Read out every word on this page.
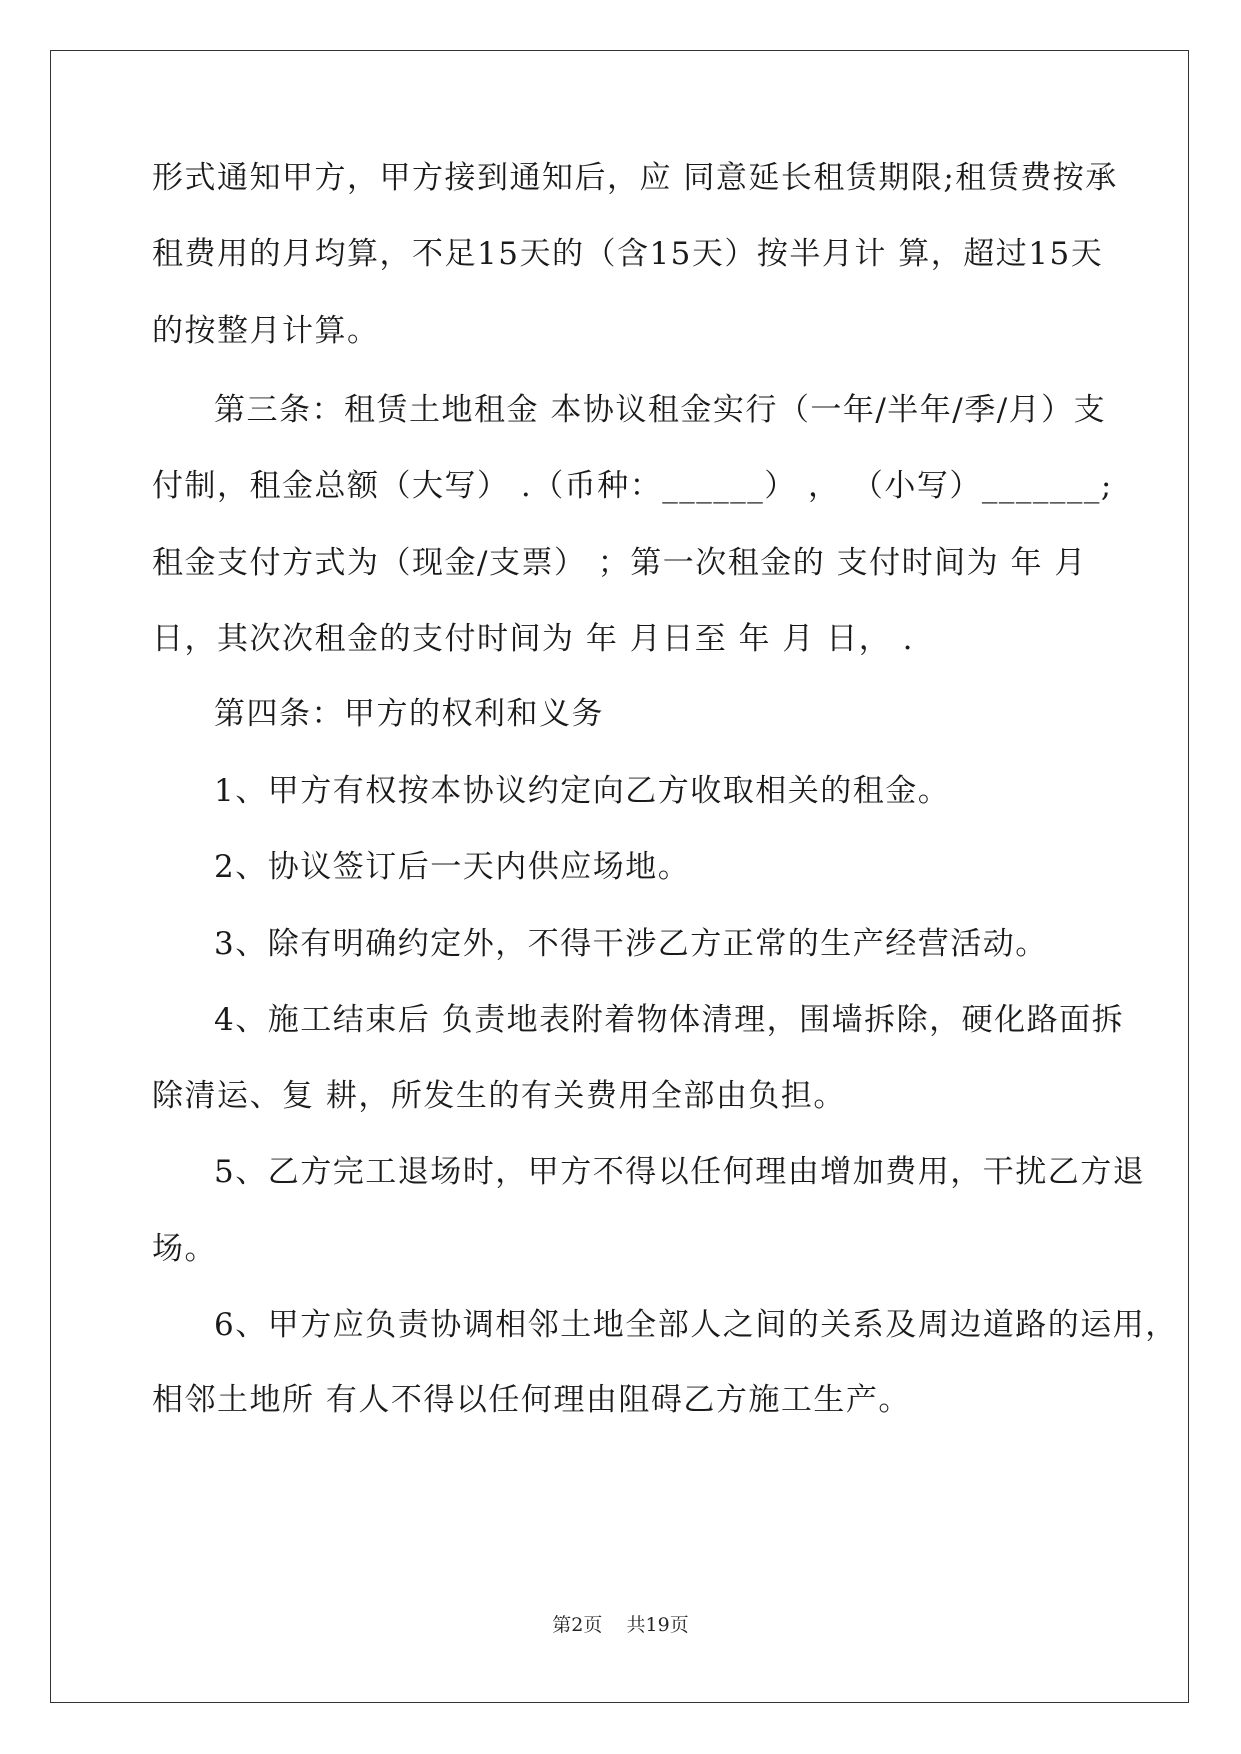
形式通知甲方，甲方接到通知后，应 同意延长租赁期限;租赁费按承
租费用的月均算，不足15天的（含15天）按半月计 算，超过15天
的按整月计算。
第三条：租赁土地租金 本协议租金实行（一年/半年/季/月）支
付制，租金总额（大写） .（币种：______） ， （小写）_______;
租金支付方式为（现金/支票） ；第一次租金的 支付时间为 年 月
日，其次次租金的支付时间为 年 月日至 年 月 日， .
第四条：甲方的权利和义务
1、甲方有权按本协议约定向乙方收取相关的租金。
2、协议签订后一天内供应场地。
3、除有明确约定外，不得干涉乙方正常的生产经营活动。
4、施工结束后 负责地表附着物体清理，围墙拆除，硬化路面拆
除清运、复 耕，所发生的有关费用全部由负担。
5、乙方完工退场时，甲方不得以任何理由增加费用，干扰乙方退
场。
6、甲方应负责协调相邻土地全部人之间的关系及周边道路的运用，
相邻土地所 有人不得以任何理由阻碍乙方施工生产。
第2页    共19页
